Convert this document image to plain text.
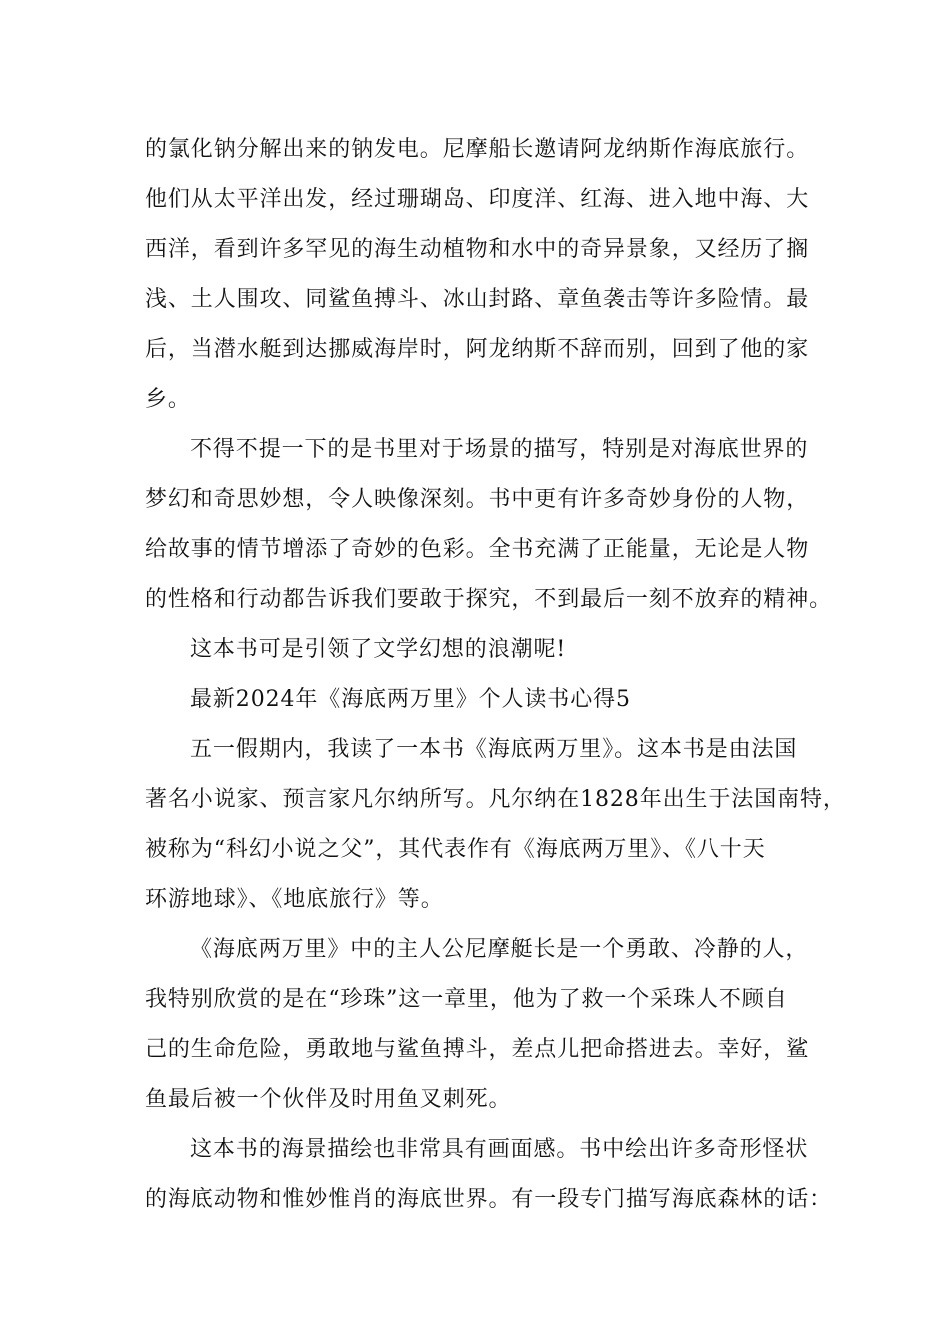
的氯化钠分解出来的钠发电。尼摩船长邀请阿龙纳斯作海底旅行。
他们从太平洋出发，经过珊瑚岛、印度洋、红海、进入地中海、大
西洋，看到许多罕见的海生动植物和水中的奇异景象，又经历了搁
浅、土人围攻、同鲨鱼搏斗、冰山封路、章鱼袭击等许多险情。最
后，当潜水艇到达挪威海岸时，阿龙纳斯不辞而别，回到了他的家
乡。
不得不提一下的是书里对于场景的描写，特别是对海底世界的
梦幻和奇思妙想，令人映像深刻。书中更有许多奇妙身份的人物，
给故事的情节增添了奇妙的色彩。全书充满了正能量，无论是人物
的性格和行动都告诉我们要敢于探究，不到最后一刻不放弃的精神。
这本书可是引领了文学幻想的浪潮呢!
最新2024年《海底两万里》个人读书心得5
五一假期内，我读了一本书《海底两万里》。这本书是由法国
著名小说家、预言家凡尔纳所写。凡尔纳在1828年出生于法国南特，
被称为“科幻小说之父”，其代表作有《海底两万里》、《八十天
环游地球》、《地底旅行》等。
《海底两万里》中的主人公尼摩艇长是一个勇敢、冷静的人，
我特别欣赏的是在“珍珠”这一章里，他为了救一个采珠人不顾自
己的生命危险，勇敢地与鲨鱼搏斗，差点儿把命搭进去。幸好，鲨
鱼最后被一个伙伴及时用鱼叉刺死。
这本书的海景描绘也非常具有画面感。书中绘出许多奇形怪状
的海底动物和惟妙惟肖的海底世界。有一段专门描写海底森林的话：
